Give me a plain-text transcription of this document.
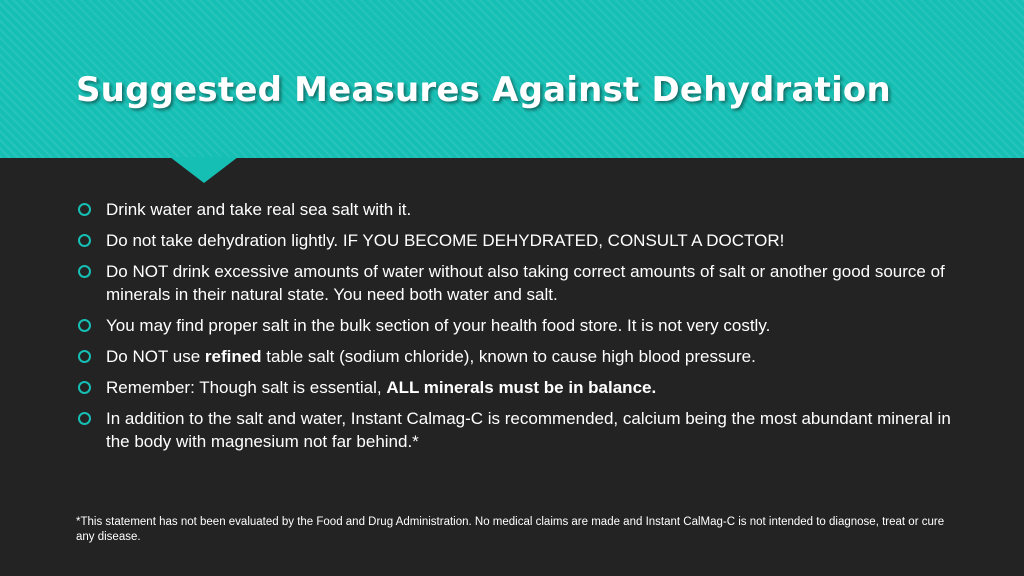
Suggested Measures Against Dehydration
Drink water and take real sea salt with it.
Do not take dehydration lightly. IF YOU BECOME DEHYDRATED, CONSULT A DOCTOR!
Do NOT drink excessive amounts of water without also taking correct amounts of salt or another good source of minerals in their natural state. You need both water and salt.
You may find proper salt in the bulk section of your health food store. It is not very costly.
Do NOT use refined table salt (sodium chloride), known to cause high blood pressure.
Remember: Though salt is essential, ALL minerals must be in balance.
In addition to the salt and water, Instant Calmag-C is recommended, calcium being the most abundant mineral in the body with magnesium not far behind.*

*This statement has not been evaluated by the Food and Drug Administration. No medical claims are made and Instant CalMag-C is not intended to diagnose, treat or cure any disease.
